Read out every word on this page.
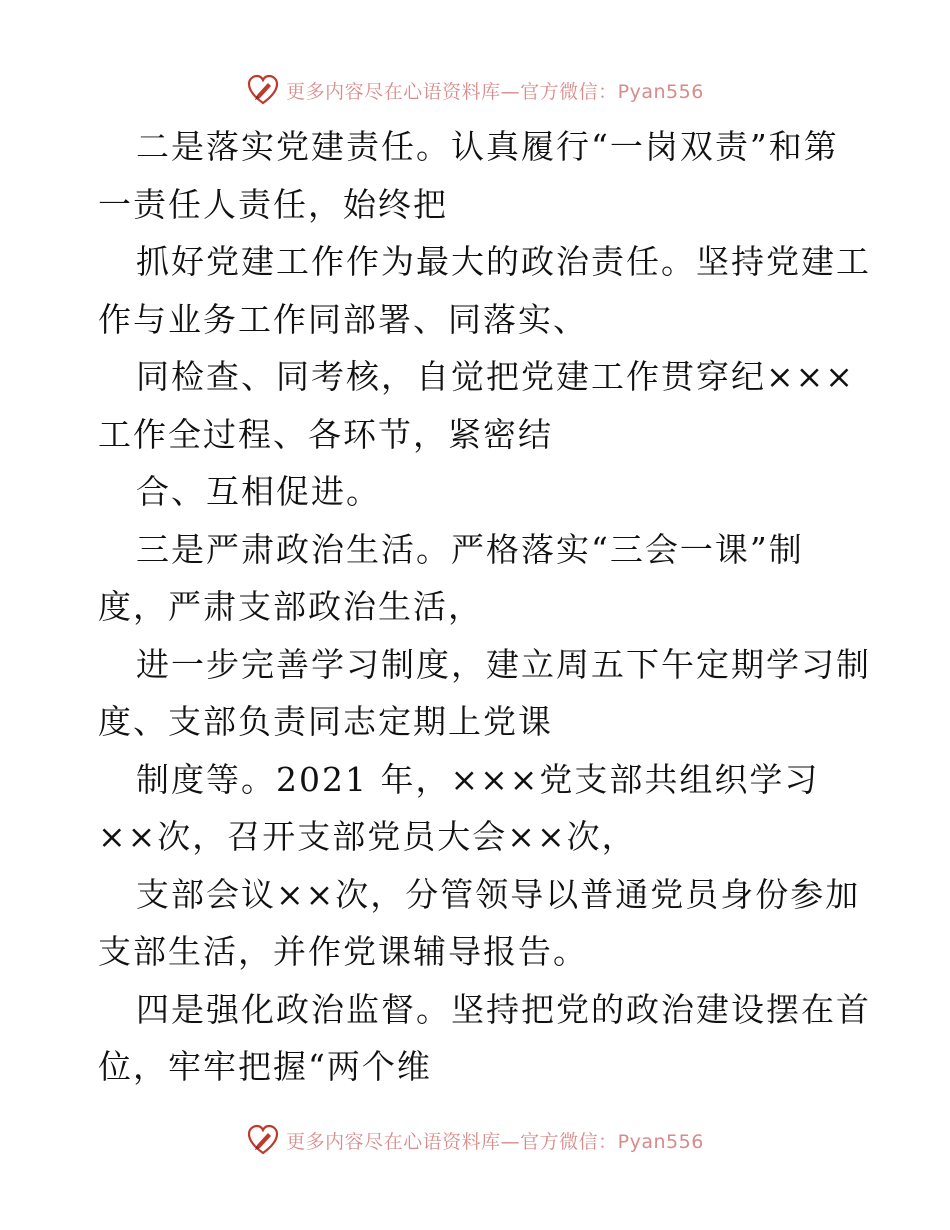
更多内容尽在心语资料库—官方微信：Pyan556
二是落实党建责任。认真履行“一岗双责”和第
一责任人责任，始终把
抓好党建工作作为最大的政治责任。坚持党建工
作与业务工作同部署、同落实、
同检查、同考核，自觉把党建工作贯穿纪×××
工作全过程、各环节，紧密结
合、互相促进。
三是严肃政治生活。严格落实“三会一课”制
度，严肃支部政治生活，
进一步完善学习制度，建立周五下午定期学习制
度、支部负责同志定期上党课
制度等。2021 年，×××党支部共组织学习
××次，召开支部党员大会××次，
支部会议××次，分管领导以普通党员身份参加
支部生活，并作党课辅导报告。
四是强化政治监督。坚持把党的政治建设摆在首
位，牢牢把握“两个维
更多内容尽在心语资料库—官方微信：Pyan556
